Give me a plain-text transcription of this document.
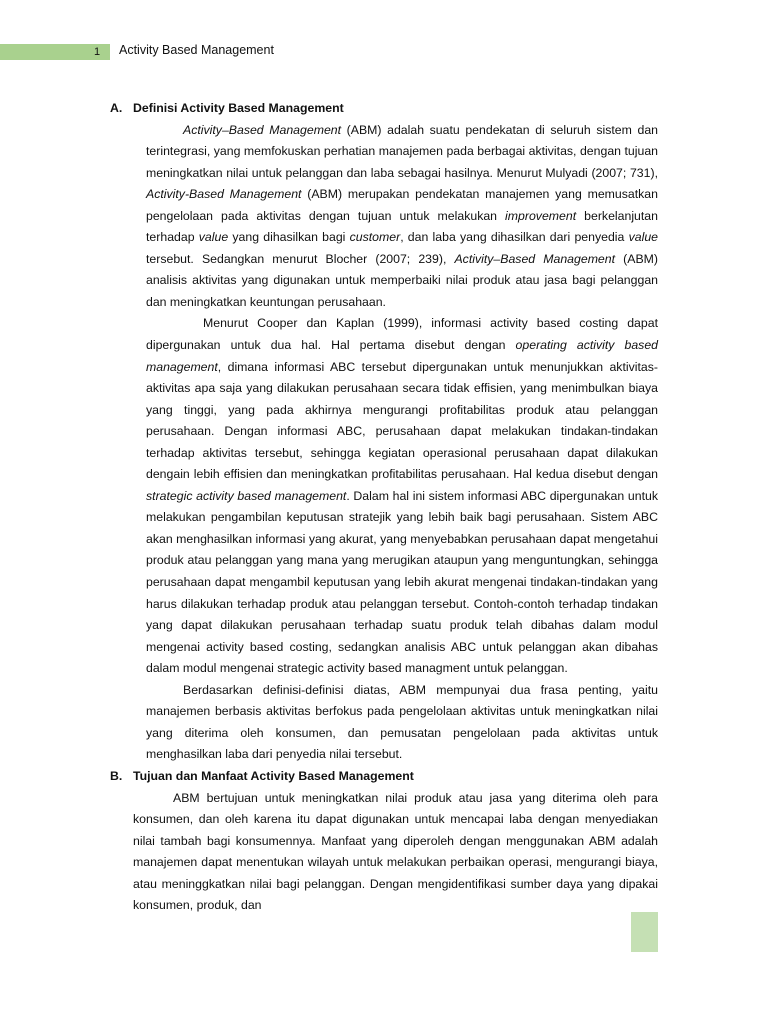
1 Activity Based Management
A. Definisi Activity Based Management

Activity–Based Management (ABM) adalah suatu pendekatan di seluruh sistem dan terintegrasi, yang memfokuskan perhatian manajemen pada berbagai aktivitas, dengan tujuan meningkatkan nilai untuk pelanggan dan laba sebagai hasilnya. Menurut Mulyadi (2007; 731), Activity-Based Management (ABM) merupakan pendekatan manajemen yang memusatkan pengelolaan pada aktivitas dengan tujuan untuk melakukan improvement berkelanjutan terhadap value yang dihasilkan bagi customer, dan laba yang dihasilkan dari penyedia value tersebut. Sedangkan menurut Blocher (2007; 239), Activity–Based Management (ABM) analisis aktivitas yang digunakan untuk memperbaiki nilai produk atau jasa bagi pelanggan dan meningkatkan keuntungan perusahaan.

Menurut Cooper dan Kaplan (1999), informasi activity based costing dapat dipergunakan untuk dua hal. Hal pertama disebut dengan operating activity based management, dimana informasi ABC tersebut dipergunakan untuk menunjukkan aktivitas-aktivitas apa saja yang dilakukan perusahaan secara tidak effisien, yang menimbulkan biaya yang tinggi, yang pada akhirnya mengurangi profitabilitas produk atau pelanggan perusahaan. Dengan informasi ABC, perusahaan dapat melakukan tindakan-tindakan terhadap aktivitas tersebut, sehingga kegiatan operasional perusahaan dapat dilakukan dengain lebih effisien dan meningkatkan profitabilitas perusahaan. Hal kedua disebut dengan strategic activity based management. Dalam hal ini sistem informasi ABC dipergunakan untuk melakukan pengambilan keputusan stratejik yang lebih baik bagi perusahaan. Sistem ABC akan menghasilkan informasi yang akurat, yang menyebabkan perusahaan dapat mengetahui produk atau pelanggan yang mana yang merugikan ataupun yang menguntungkan, sehingga perusahaan dapat mengambil keputusan yang lebih akurat mengenai tindakan-tindakan yang harus dilakukan terhadap produk atau pelanggan tersebut. Contoh-contoh terhadap tindakan yang dapat dilakukan perusahaan terhadap suatu produk telah dibahas dalam modul mengenai activity based costing, sedangkan analisis ABC untuk pelanggan akan dibahas dalam modul mengenai strategic activity based managment untuk pelanggan.

Berdasarkan definisi-definisi diatas, ABM mempunyai dua frasa penting, yaitu manajemen berbasis aktivitas berfokus pada pengelolaan aktivitas untuk meningkatkan nilai yang diterima oleh konsumen, dan pemusatan pengelolaan pada aktivitas untuk menghasilkan laba dari penyedia nilai tersebut.

B. Tujuan dan Manfaat Activity Based Management

ABM bertujuan untuk meningkatkan nilai produk atau jasa yang diterima oleh para konsumen, dan oleh karena itu dapat digunakan untuk mencapai laba dengan menyediakan nilai tambah bagi konsumennya. Manfaat yang diperoleh dengan menggunakan ABM adalah manajemen dapat menentukan wilayah untuk melakukan perbaikan operasi, mengurangi biaya, atau meninggkatkan nilai bagi pelanggan. Dengan mengidentifikasi sumber daya yang dipakai konsumen, produk, dan
